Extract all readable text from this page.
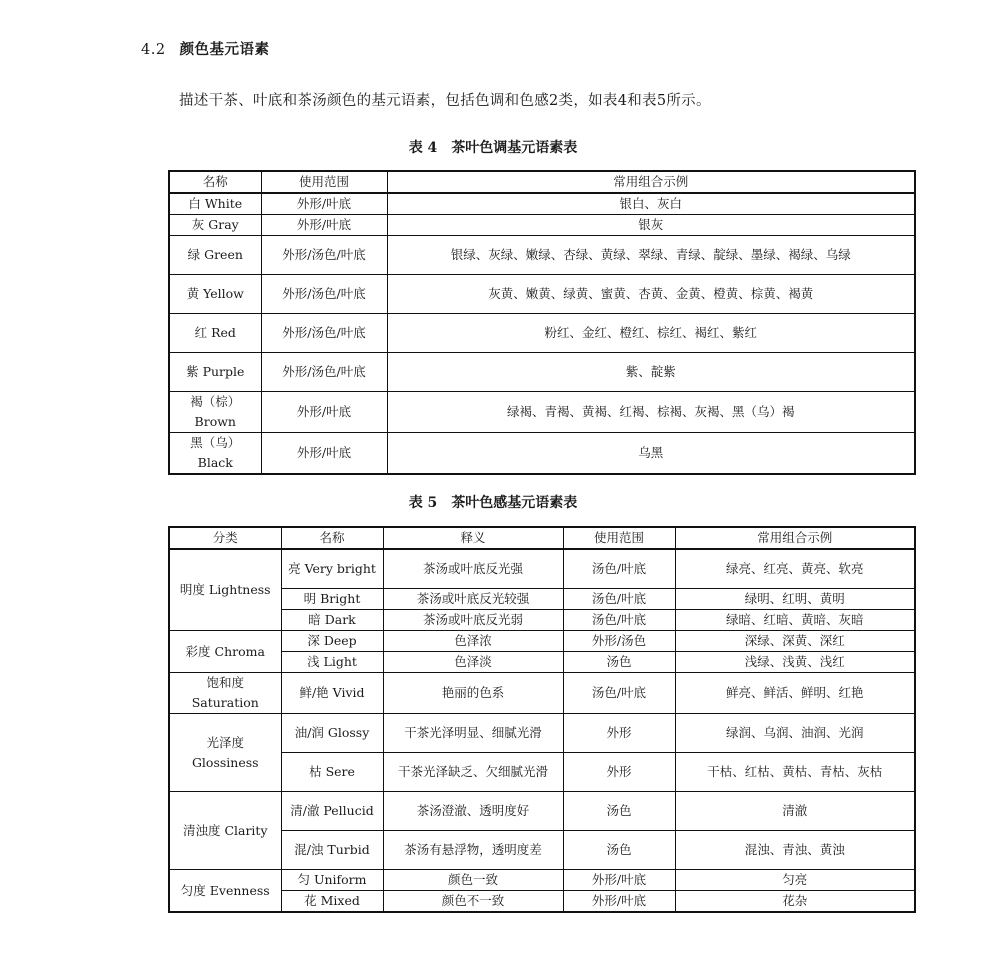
4.2 颜色基元语素
描述干茶、叶底和茶汤颜色的基元语素，包括色调和色感2类，如表4和表5所示。
表 4 茶叶色调基元语素表
名称	使用范围	常用组合示例
白 White	外形/叶底	银白、灰白
灰 Gray	外形/叶底	银灰
绿 Green	外形/汤色/叶底	银绿、灰绿、嫩绿、杏绿、黄绿、翠绿、青绿、靛绿、墨绿、褐绿、乌绿
黄 Yellow	外形/汤色/叶底	灰黄、嫩黄、绿黄、蜜黄、杏黄、金黄、橙黄、棕黄、褐黄
红 Red	外形/汤色/叶底	粉红、金红、橙红、棕红、褐红、紫红
紫 Purple	外形/汤色/叶底	紫、靛紫
褐（棕）Brown	外形/叶底	绿褐、青褐、黄褐、红褐、棕褐、灰褐、黑（乌）褐
黑（乌）Black	外形/叶底	乌黑
表 5 茶叶色感基元语素表
分类	名称	释义	使用范围	常用组合示例
明度 Lightness	亮 Very bright	茶汤或叶底反光强	汤色/叶底	绿亮、红亮、黄亮、软亮
	明 Bright	茶汤或叶底反光较强	汤色/叶底	绿明、红明、黄明
	暗 Dark	茶汤或叶底反光弱	汤色/叶底	绿暗、红暗、黄暗、灰暗
彩度 Chroma	深 Deep	色泽浓	外形/汤色	深绿、深黄、深红
	浅 Light	色泽淡	汤色	浅绿、浅黄、浅红
饱和度 Saturation	鲜/艳 Vivid	艳丽的色系	汤色/叶底	鲜亮、鲜活、鲜明、红艳
光泽度 Glossiness	油/润 Glossy	干茶光泽明显、细腻光滑	外形	绿润、乌润、油润、光润
	枯 Sere	干茶光泽缺乏、欠细腻光滑	外形	干枯、红枯、黄枯、青枯、灰枯
清浊度 Clarity	清/澈 Pellucid	茶汤澄澈、透明度好	汤色	清澈
	混/浊 Turbid	茶汤有悬浮物，透明度差	汤色	混浊、青浊、黄浊
匀度 Evenness	匀 Uniform	颜色一致	外形/叶底	匀亮
	花 Mixed	颜色不一致	外形/叶底	花杂
